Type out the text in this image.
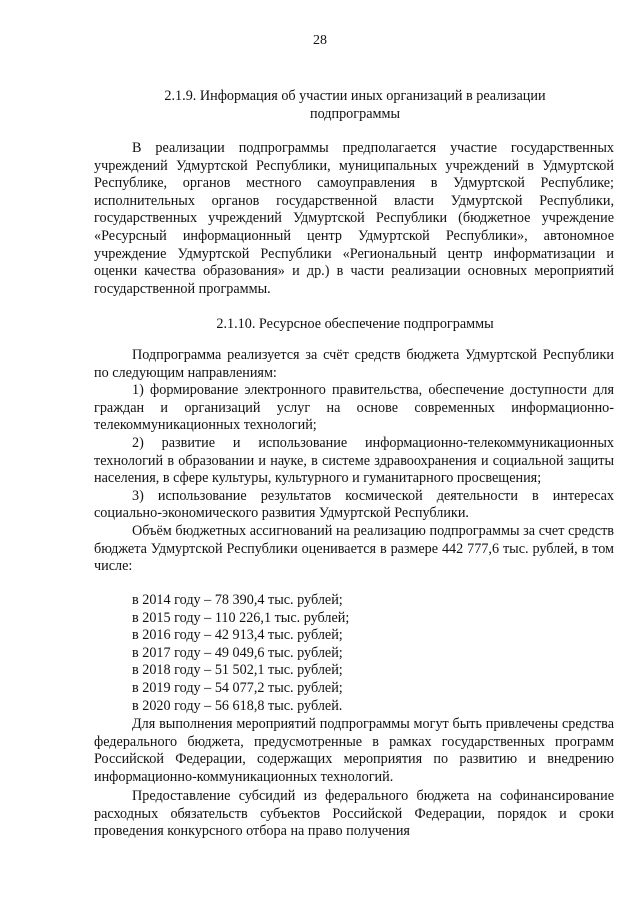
28
2.1.9. Информация об участии иных организаций в реализации
подпрограммы

В реализации подпрограммы предполагается участие государственных учреждений Удмуртской Республики, муниципальных учреждений в Удмуртской Республике, органов местного самоуправления в Удмуртской Республике; исполнительных органов государственной власти Удмуртской Республики, государственных учреждений Удмуртской Республики (бюджетное учреждение «Ресурсный информационный центр Удмуртской Республики», автономное учреждение Удмуртской Республики «Региональный центр информатизации и оценки качества образования» и др.) в части реализации основных мероприятий государственной программы.

2.1.10. Ресурсное обеспечение подпрограммы

Подпрограмма реализуется за счёт средств бюджета Удмуртской Республики по следующим направлениям:

1) формирование электронного правительства, обеспечение доступности для граждан и организаций услуг на основе современных информационно-телекоммуникационных технологий;

2) развитие и использование информационно-телекоммуникационных технологий в образовании и науке, в системе здравоохранения и социальной защиты населения, в сфере культуры, культурного и гуманитарного просвещения;

3) использование результатов космической деятельности в интересах социально-экономического развития Удмуртской Республики.

Объём бюджетных ассигнований на реализацию подпрограммы за счет средств бюджета Удмуртской Республики оценивается в размере 442 777,6 тыс. рублей, в том числе:

в 2014 году – 78 390,4 тыс. рублей;
в 2015 году – 110 226,1 тыс. рублей;
в 2016 году – 42 913,4 тыс. рублей;
в 2017 году – 49 049,6 тыс. рублей;
в 2018 году – 51 502,1 тыс. рублей;
в 2019 году – 54 077,2 тыс. рублей;
в 2020 году – 56 618,8 тыс. рублей.

Для выполнения мероприятий подпрограммы могут быть привлечены средства федерального бюджета, предусмотренные в рамках государственных программ Российской Федерации, содержащих мероприятия по развитию и внедрению информационно-коммуникационных технологий.

Предоставление субсидий из федерального бюджета на софинансирование расходных обязательств субъектов Российской Федерации, порядок и сроки проведения конкурсного отбора на право получения
